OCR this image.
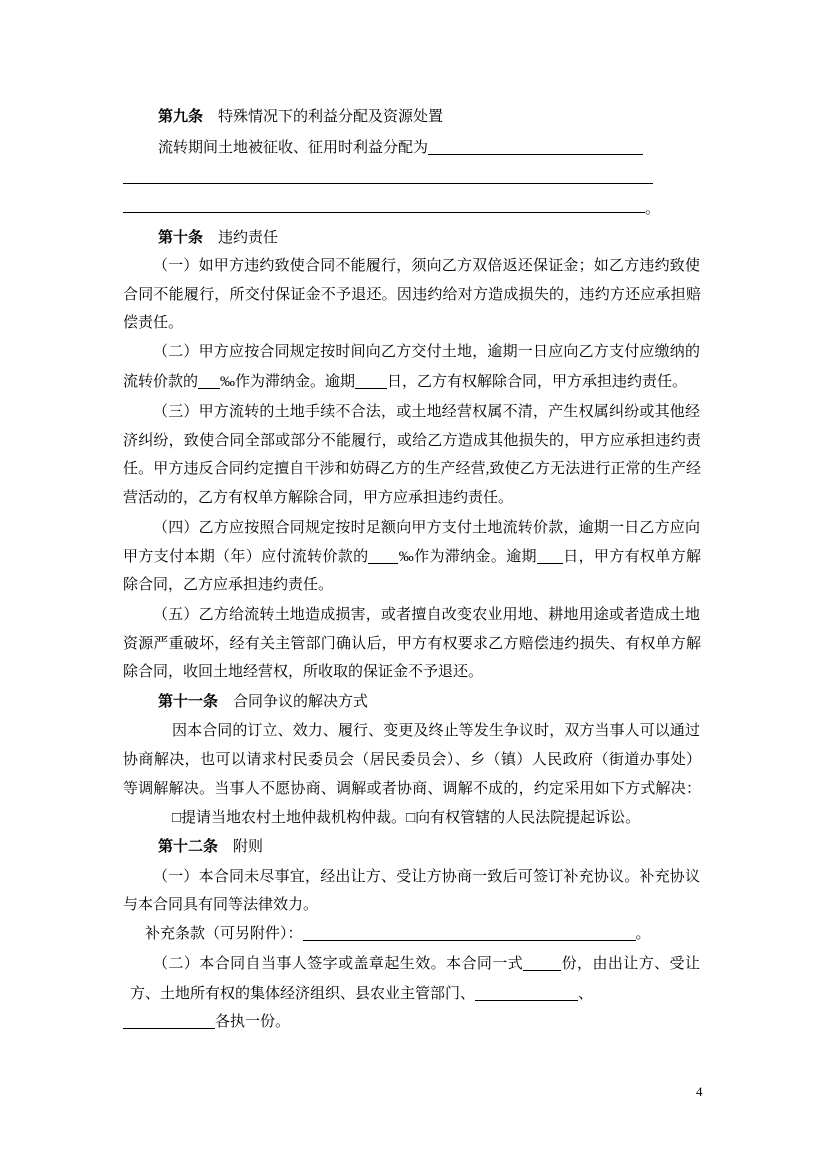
第九条 特殊情况下的利益分配及资源处置
流转期间土地被征收、征用时利益分配为
。
第十条 违约责任
（一）如甲方违约致使合同不能履行，须向乙方双倍返还保证金；如乙方违约致使
合同不能履行，所交付保证金不予退还。因违约给对方造成损失的，违约方还应承担赔
偿责任。
（二）甲方应按合同规定按时间向乙方交付土地，逾期一日应向乙方支付应缴纳的
流转价款的 ‰作为滞纳金。逾期 日，乙方有权解除合同，甲方承担违约责任。
（三）甲方流转的土地手续不合法，或土地经营权属不清，产生权属纠纷或其他经
济纠纷，致使合同全部或部分不能履行，或给乙方造成其他损失的，甲方应承担违约责
任。甲方违反合同约定擅自干涉和妨碍乙方的生产经营,致使乙方无法进行正常的生产经
营活动的，乙方有权单方解除合同，甲方应承担违约责任。
（四）乙方应按照合同规定按时足额向甲方支付土地流转价款，逾期一日乙方应向
甲方支付本期（年）应付流转价款的 ‰作为滞纳金。逾期 日，甲方有权单方解
除合同，乙方应承担违约责任。
（五）乙方给流转土地造成损害，或者擅自改变农业用地、耕地用途或者造成土地
资源严重破坏，经有关主管部门确认后，甲方有权要求乙方赔偿违约损失、有权单方解
除合同，收回土地经营权，所收取的保证金不予退还。
第十一条 合同争议的解决方式
因本合同的订立、效力、履行、变更及终止等发生争议时，双方当事人可以通过
协商解决，也可以请求村民委员会（居民委员会）、乡（镇）人民政府（街道办事处）
等调解解决。当事人不愿协商、调解或者协商、调解不成的，约定采用如下方式解决：
□提请当地农村土地仲裁机构仲裁。□向有权管辖的人民法院提起诉讼。
第十二条 附则
（一）本合同未尽事宜，经出让方、受让方协商一致后可签订补充协议。补充协议
与本合同具有同等法律效力。
补充条款（可另附件）：	。
（二）本合同自当事人签字或盖章起生效。本合同一式	份，由出让方、受让
方、土地所有权的集体经济组织、县农业主管部门、	、
各执一份。
4
